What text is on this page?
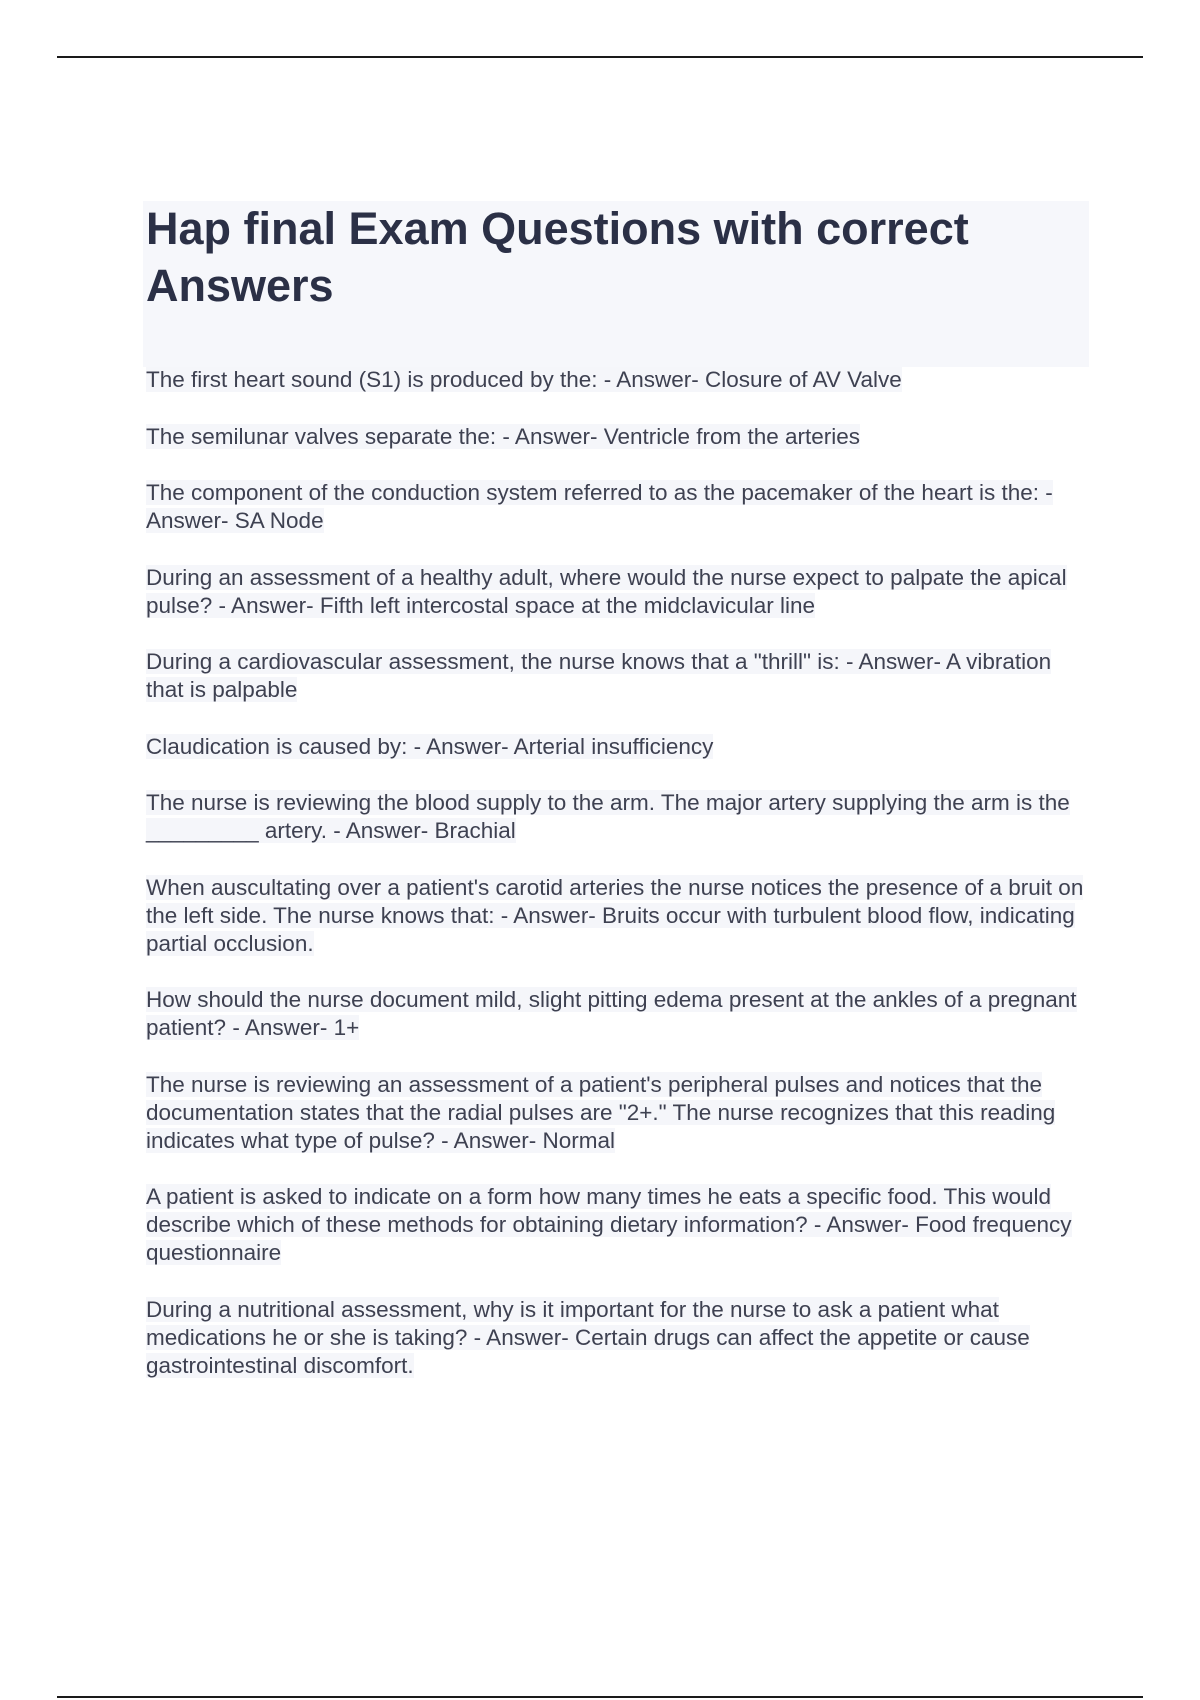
Hap final Exam Questions with correct Answers
The first heart sound (S1) is produced by the: - Answer- Closure of AV Valve
The semilunar valves separate the: - Answer- Ventricle from the arteries
The component of the conduction system referred to as the pacemaker of the heart is the: - Answer- SA Node
During an assessment of a healthy adult, where would the nurse expect to palpate the apical pulse? - Answer- Fifth left intercostal space at the midclavicular line
During a cardiovascular assessment, the nurse knows that a "thrill" is: - Answer- A vibration that is palpable
Claudication is caused by: - Answer- Arterial insufficiency
The nurse is reviewing the blood supply to the arm. The major artery supplying the arm is the _________ artery. - Answer- Brachial
When auscultating over a patient's carotid arteries the nurse notices the presence of a bruit on the left side. The nurse knows that: - Answer- Bruits occur with turbulent blood flow, indicating partial occlusion.
How should the nurse document mild, slight pitting edema present at the ankles of a pregnant patient? - Answer- 1+
The nurse is reviewing an assessment of a patient's peripheral pulses and notices that the documentation states that the radial pulses are "2+." The nurse recognizes that this reading indicates what type of pulse? - Answer- Normal
A patient is asked to indicate on a form how many times he eats a specific food. This would describe which of these methods for obtaining dietary information? - Answer- Food frequency questionnaire
During a nutritional assessment, why is it important for the nurse to ask a patient what medications he or she is taking? - Answer- Certain drugs can affect the appetite or cause gastrointestinal discomfort.
